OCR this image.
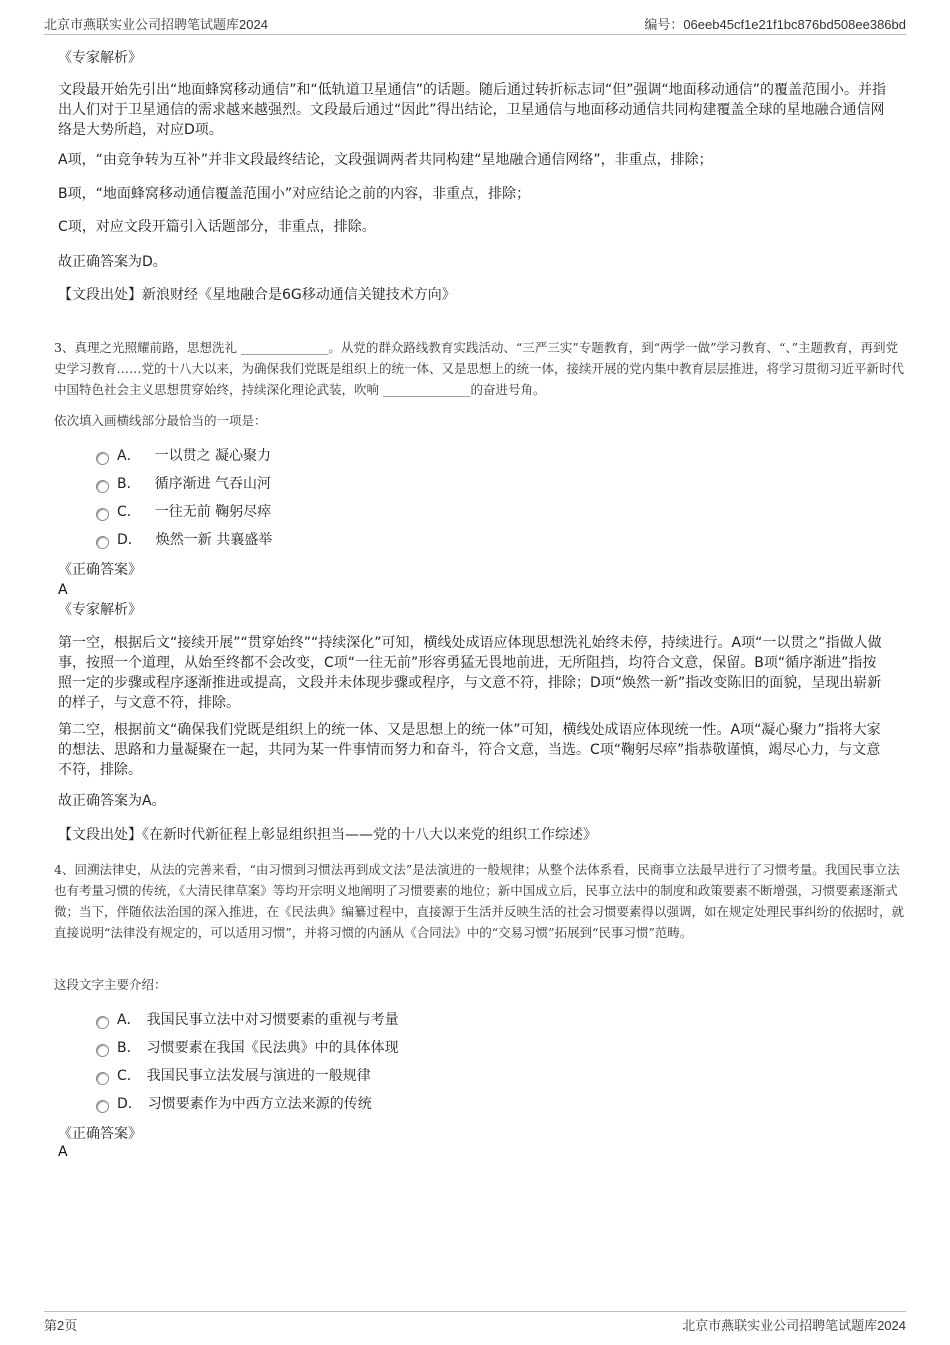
北京市燕联实业公司招聘笔试题库2024	编号：06eeb45cf1e21f1bc876bd508ee386bd
《专家解析》
文段最开始先引出“地面蜂窝移动通信”和“低轨道卫星通信”的话题。随后通过转折标志词“但”强调“地面移动通信”的覆盖范围小。并指出人们对于卫星通信的需求越来越强烈。文段最后通过“因此”得出结论，卫星通信与地面移动通信共同构建覆盖全球的星地融合通信网络是大势所趋，对应D项。
A项，“由竞争转为互补”并非文段最终结论，文段强调两者共同构建“星地融合通信网络”，非重点，排除；
B项，“地面蜂窝移动通信覆盖范围小”对应结论之前的内容，非重点，排除；
C项，对应文段开篇引入话题部分，非重点，排除。
故正确答案为D。
【文段出处】新浪财经《星地融合是6G移动通信关键技术方向》
3、真理之光照耀前路，思想洗礼 ______________。从党的群众路线教育实践活动、“三严三实”专题教育，到“两学一做”学习教育、“、”主题教育，再到党史学习教育……党的十八大以来，为确保我们党既是组织上的统一体、又是思想上的统一体，接续开展的党内集中教育层层推进，将学习贯彻习近平新时代中国特色社会主义思想贯穿始终，持续深化理论武装，吹响 ______________的奋进号角。
依次填入画横线部分最恰当的一项是：
A． 一以贯之 凝心聚力
B． 循序渐进 气吞山河
C． 一往无前 鞠躬尽瘁
D． 焕然一新 共襄盛举
《正确答案》
A
《专家解析》
第一空，根据后文“接续开展”“贯穿始终”“持续深化”可知，横线处成语应体现思想洗礼始终未停，持续进行。A项“一以贯之”指做人做事，按照一个道理，从始至终都不会改变，C项“一往无前”形容勇猛无畏地前进，无所阻挡，均符合文意，保留。B项“循序渐进”指按照一定的步骤或程序逐渐推进或提高，文段并未体现步骤或程序，与文意不符，排除；D项“焕然一新”指改变陈旧的面貌，呈现出崭新的样子，与文意不符，排除。
第二空，根据前文“确保我们党既是组织上的统一体、又是思想上的统一体”可知，横线处成语应体现统一性。A项“凝心聚力”指将大家的想法、思路和力量凝聚在一起，共同为某一件事情而努力和奋斗，符合文意，当选。C项“鞠躬尽瘁”指恭敬谨慎，竭尽心力，与文意不符，排除。
故正确答案为A。
【文段出处】《在新时代新征程上彰显组织担当——党的十八大以来党的组织工作综述》
4、回溯法律史，从法的完善来看，“由习惯到习惯法再到成文法”是法演进的一般规律；从整个法体系看，民商事立法最早进行了习惯考量。我国民事立法也有考量习惯的传统，《大清民律草案》等均开宗明义地阐明了习惯要素的地位；新中国成立后，民事立法中的制度和政策要素不断增强，习惯要素逐渐式微；当下，伴随依法治国的深入推进，在《民法典》编纂过程中，直接源于生活并反映生活的社会习惯要素得以强调，如在规定处理民事纠纷的依据时，就直接说明“法律没有规定的，可以适用习惯”，并将习惯的内涵从《合同法》中的“交易习惯”拓展到“民事习惯”范畴。
这段文字主要介绍：
A． 我国民事立法中对习惯要素的重视与考量
B． 习惯要素在我国《民法典》中的具体体现
C． 我国民事立法发展与演进的一般规律
D． 习惯要素作为中西方立法来源的传统
《正确答案》
A
第2页	北京市燕联实业公司招聘笔试题库2024
